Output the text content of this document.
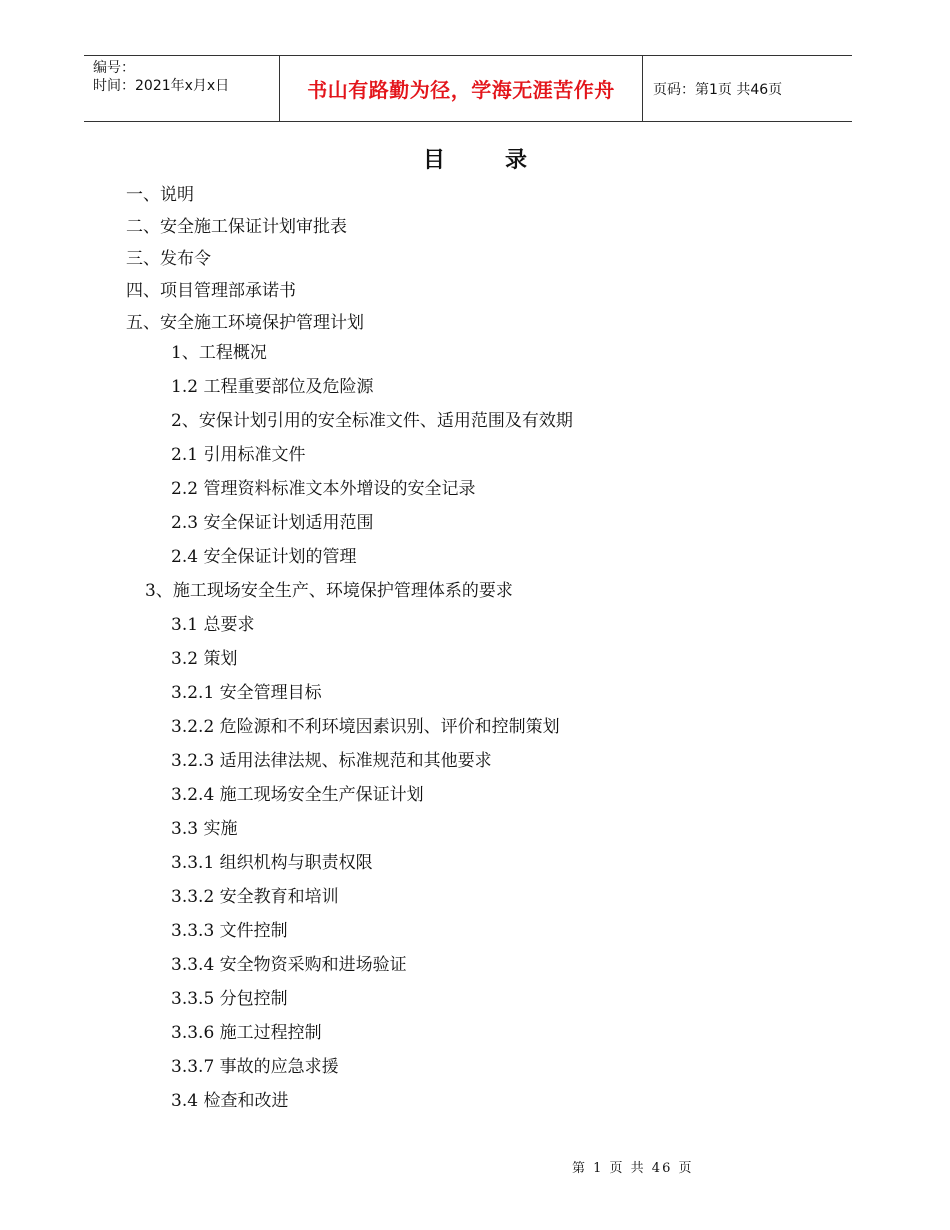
编号：
时间：2021年x月x日	书山有路勤为径，学海无涯苦作舟	页码：第1页 共46页
目录
一、说明
二、安全施工保证计划审批表
三、发布令
四、项目管理部承诺书
五、安全施工环境保护管理计划
1、工程概况
1.2 工程重要部位及危险源
2、安保计划引用的安全标准文件、适用范围及有效期
2.1 引用标准文件
2.2 管理资料标准文本外增设的安全记录
2.3 安全保证计划适用范围
2.4 安全保证计划的管理
3、施工现场安全生产、环境保护管理体系的要求
3.1 总要求
3.2 策划
3.2.1 安全管理目标
3.2.2 危险源和不利环境因素识别、评价和控制策划
3.2.3 适用法律法规、标准规范和其他要求
3.2.4 施工现场安全生产保证计划
3.3 实施
3.3.1 组织机构与职责权限
3.3.2 安全教育和培训
3.3.3 文件控制
3.3.4 安全物资采购和进场验证
3.3.5 分包控制
3.3.6 施工过程控制
3.3.7 事故的应急求援
3.4 检查和改进
第 1 页 共 46 页
